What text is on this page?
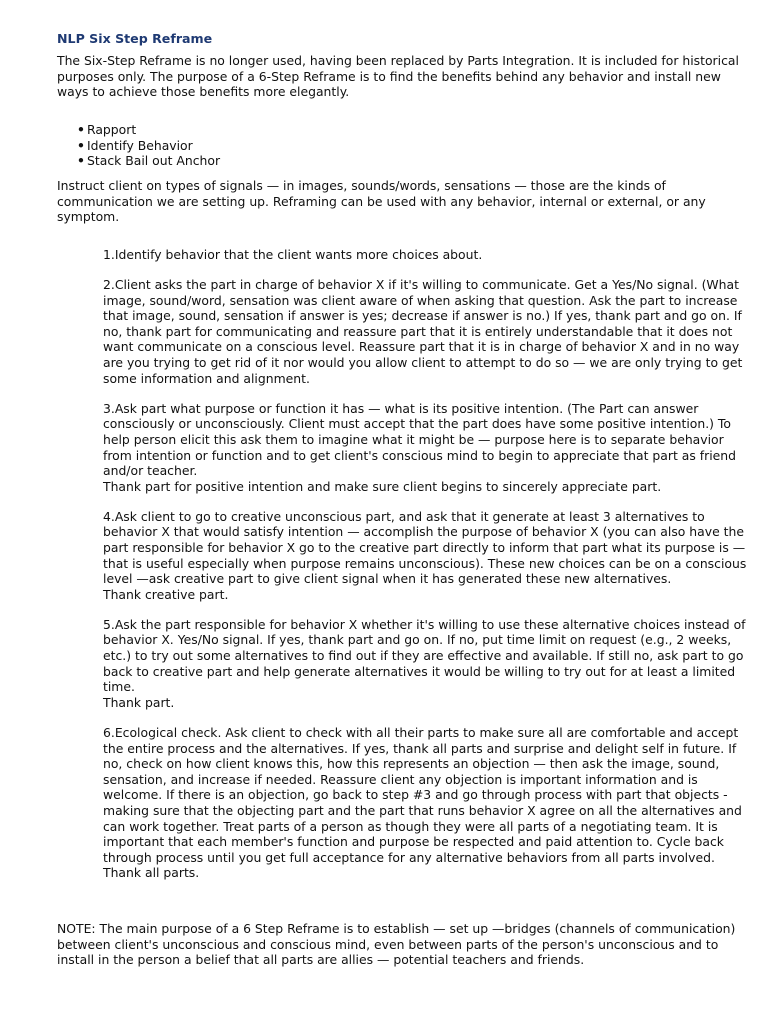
NLP Six Step Reframe

The Six-Step Reframe is no longer used, having been replaced by Parts Integration. It is included for historical purposes only. The purpose of a 6-Step Reframe is to find the benefits behind any behavior and install new ways to achieve those benefits more elegantly.

• Rapport
• Identify Behavior
• Stack Bail out Anchor

Instruct client on types of signals — in images, sounds/words, sensations — those are the kinds of communication we are setting up. Reframing can be used with any behavior, internal or external, or any symptom.

1.Identify behavior that the client wants more choices about.

2.Client asks the part in charge of behavior X if it's willing to communicate. Get a Yes/No signal. (What image, sound/word, sensation was client aware of when asking that question. Ask the part to increase that image, sound, sensation if answer is yes; decrease if answer is no.) If yes, thank part and go on. If no, thank part for communicating and reassure part that it is entirely understandable that it does not want communicate on a conscious level. Reassure part that it is in charge of behavior X and in no way are you trying to get rid of it nor would you allow client to attempt to do so — we are only trying to get some information and alignment.

3.Ask part what purpose or function it has — what is its positive intention. (The Part can answer consciously or unconsciously. Client must accept that the part does have some positive intention.) To help person elicit this ask them to imagine what it might be — purpose here is to separate behavior from intention or function and to get client's conscious mind to begin to appreciate that part as friend and/or teacher.

Thank part for positive intention and make sure client begins to sincerely appreciate part.

4.Ask client to go to creative unconscious part, and ask that it generate at least 3 alternatives to behavior X that would satisfy intention — accomplish the purpose of behavior X (you can also have the part responsible for behavior X go to the creative part directly to inform that part what its purpose is — that is useful especially when purpose remains unconscious). These new choices can be on a conscious level —ask creative part to give client signal when it has generated these new alternatives.

Thank creative part.

5.Ask the part responsible for behavior X whether it's willing to use these alternative choices instead of behavior X. Yes/No signal. If yes, thank part and go on. If no, put time limit on request (e.g., 2 weeks, etc.) to try out some alternatives to find out if they are effective and available. If still no, ask part to go back to creative part and help generate alternatives it would be willing to try out for at least a limited time.

Thank part.

6.Ecological check. Ask client to check with all their parts to make sure all are comfortable and accept the entire process and the alternatives. If yes, thank all parts and surprise and delight self in future. If no, check on how client knows this, how this represents an objection — then ask the image, sound, sensation, and increase if needed. Reassure client any objection is important information and is welcome. If there is an objection, go back to step #3 and go through process with part that objects - making sure that the objecting part and the part that runs behavior X agree on all the alternatives and can work together. Treat parts of a person as though they were all parts of a negotiating team. It is important that each member's function and purpose be respected and paid attention to. Cycle back through process until you get full acceptance for any alternative behaviors from all parts involved.

Thank all parts.

NOTE: The main purpose of a 6 Step Reframe is to establish — set up —bridges (channels of communication) between client's unconscious and conscious mind, even between parts of the person's unconscious and to install in the person a belief that all parts are allies — potential teachers and friends.
